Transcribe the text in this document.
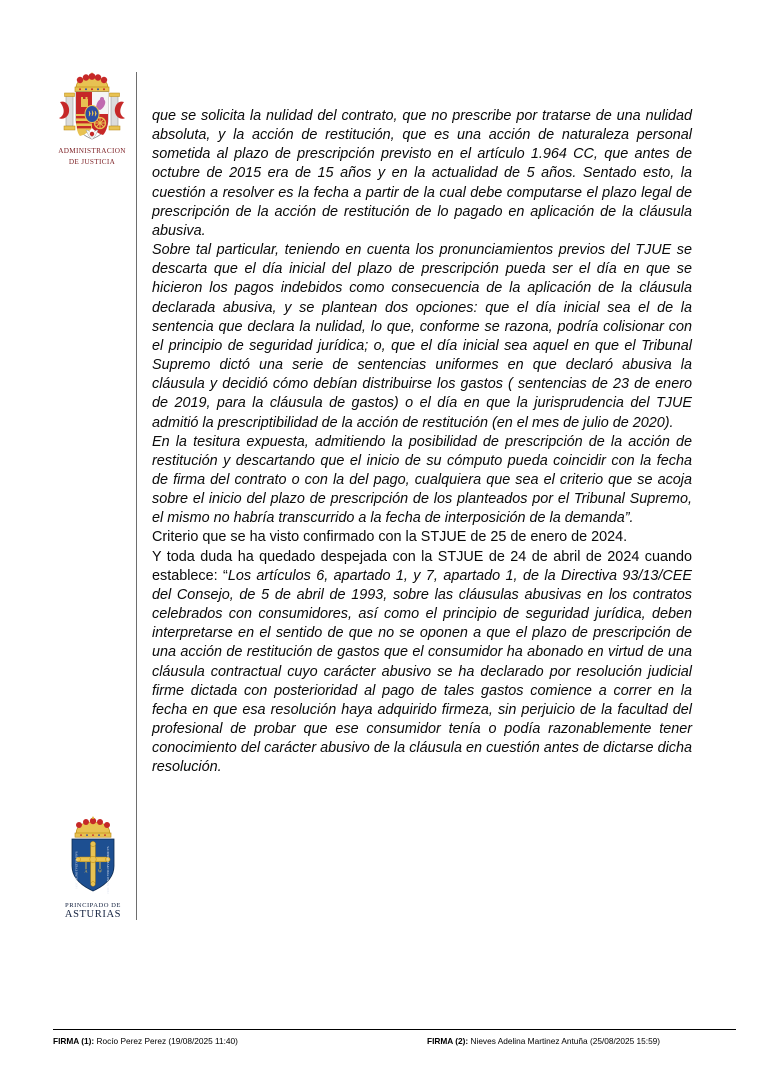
ADMINISTRACION
DE JUSTICIA
A W
HOC SIGNO TVETVR PIVS	HOC SIGNO VINCITVR INIMICVS
PRINCIPADO DE
ASTURIAS

que se solicita la nulidad del contrato, que no prescribe por tratarse de una nulidad absoluta, y la acción de restitución, que es una acción de naturaleza personal sometida al plazo de prescripción previsto en el artículo 1.964 CC, que antes de octubre de 2015 era de 15 años y en la actualidad de 5 años. Sentado esto, la cuestión a resolver es la fecha a partir de la cual debe computarse el plazo legal de prescripción de la acción de restitución de lo pagado en aplicación de la cláusula abusiva.

Sobre tal particular, teniendo en cuenta los pronunciamientos previos del TJUE se descarta que el día inicial del plazo de prescripción pueda ser el día en que se hicieron los pagos indebidos como consecuencia de la aplicación de la cláusula declarada abusiva, y se plantean dos opciones: que el día inicial sea el de la sentencia que declara la nulidad, lo que, conforme se razona, podría colisionar con el principio de seguridad jurídica; o, que el día inicial sea aquel en que el Tribunal Supremo dictó una serie de sentencias uniformes en que declaró abusiva la cláusula y decidió cómo debían distribuirse los gastos ( sentencias de 23 de enero de 2019, para la cláusula de gastos) o el día en que la jurisprudencia del TJUE admitió la prescriptibilidad de la acción de restitución (en el mes de julio de 2020).

En la tesitura expuesta, admitiendo la posibilidad de prescripción de la acción de restitución y descartando que el inicio de su cómputo pueda coincidir con la fecha de firma del contrato o con la del pago, cualquiera que sea el criterio que se acoja sobre el inicio del plazo de prescripción de los planteados por el Tribunal Supremo, el mismo no habría transcurrido a la fecha de interposición de la demanda”.

Criterio que se ha visto confirmado con la STJUE de 25 de enero de 2024.

Y toda duda ha quedado despejada con la STJUE de 24 de abril de 2024 cuando establece: “Los artículos 6, apartado 1, y 7, apartado 1, de la Directiva 93/13/CEE del Consejo, de 5 de abril de 1993, sobre las cláusulas abusivas en los contratos celebrados con consumidores, así como el principio de seguridad jurídica, deben interpretarse en el sentido de que no se oponen a que el plazo de prescripción de una acción de restitución de gastos que el consumidor ha abonado en virtud de una cláusula contractual cuyo carácter abusivo se ha declarado por resolución judicial firme dictada con posterioridad al pago de tales gastos comience a correr en la fecha en que esa resolución haya adquirido firmeza, sin perjuicio de la facultad del profesional de probar que ese consumidor tenía o podía razonablemente tener conocimiento del carácter abusivo de la cláusula en cuestión antes de dictarse dicha resolución.

FIRMA (1): Rocío Perez Perez (19/08/2025 11:40)	FIRMA (2): Nieves Adelina Martinez Antuña (25/08/2025 15:59)
